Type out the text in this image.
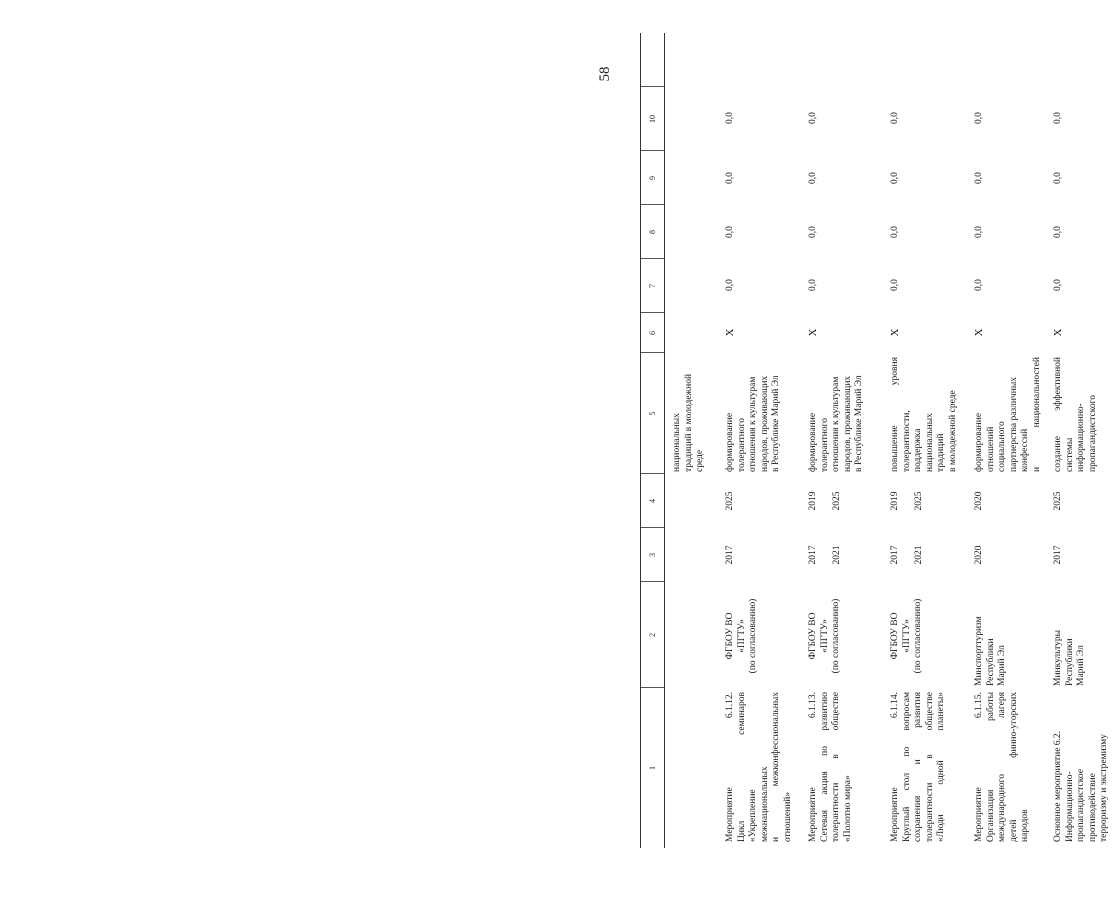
58
1
2
3
4
5
6
7
8
9
10
национальных традиций в молодежной среде
Мероприятие 6.1.12. Цикл семинаров «Укрепление межнациональных и межконфессиональных отношений»
ФГБОУ ВО «ПГТУ» (по согласованию)
2017
2025
формирование толерантного отношения к культурам народов, проживающих в Республике Марий Эл
X
0,0
0,0
0,0
0,0
Мероприятие 6.1.13. Сетевая акция по развитию толерантности в обществе «Полотно мира»
ФГБОУ ВО «ПГТУ» (по согласованию)
2017 2021
2019 2025
формирование толерантного отношения к культурам народов, проживающих в Республике Марий Эл
X
0,0
0,0
0,0
0,0
Мероприятие 6.1.14. Круглый стол по вопросам сохранения и развития толерантности в обществе «Люди одной планеты»
ФГБОУ ВО «ПГТУ» (по согласованию)
2017 2021
2019 2025
повышение уровня толерантности, поддержка национальных традиций в молодежной среде
X
0,0
0,0
0,0
0,0
Мероприятие 6.1.15. Организация работы международного лагеря детей финно-угорских народов
Минспорттуризм Республики Марий Эл
2020
2020
формирование отношений социального партнерства различных конфессий и национальностей
X
0,0
0,0
0,0
0,0
Основное мероприятие 6.2. Информационно- пропагандистское противодействие терроризму и экстремизму
Минкультуры Республики Марий Эл
2017
2025
создание эффективной системы информационно- пропагандистского
X
0,0
0,0
0,0
0,0
